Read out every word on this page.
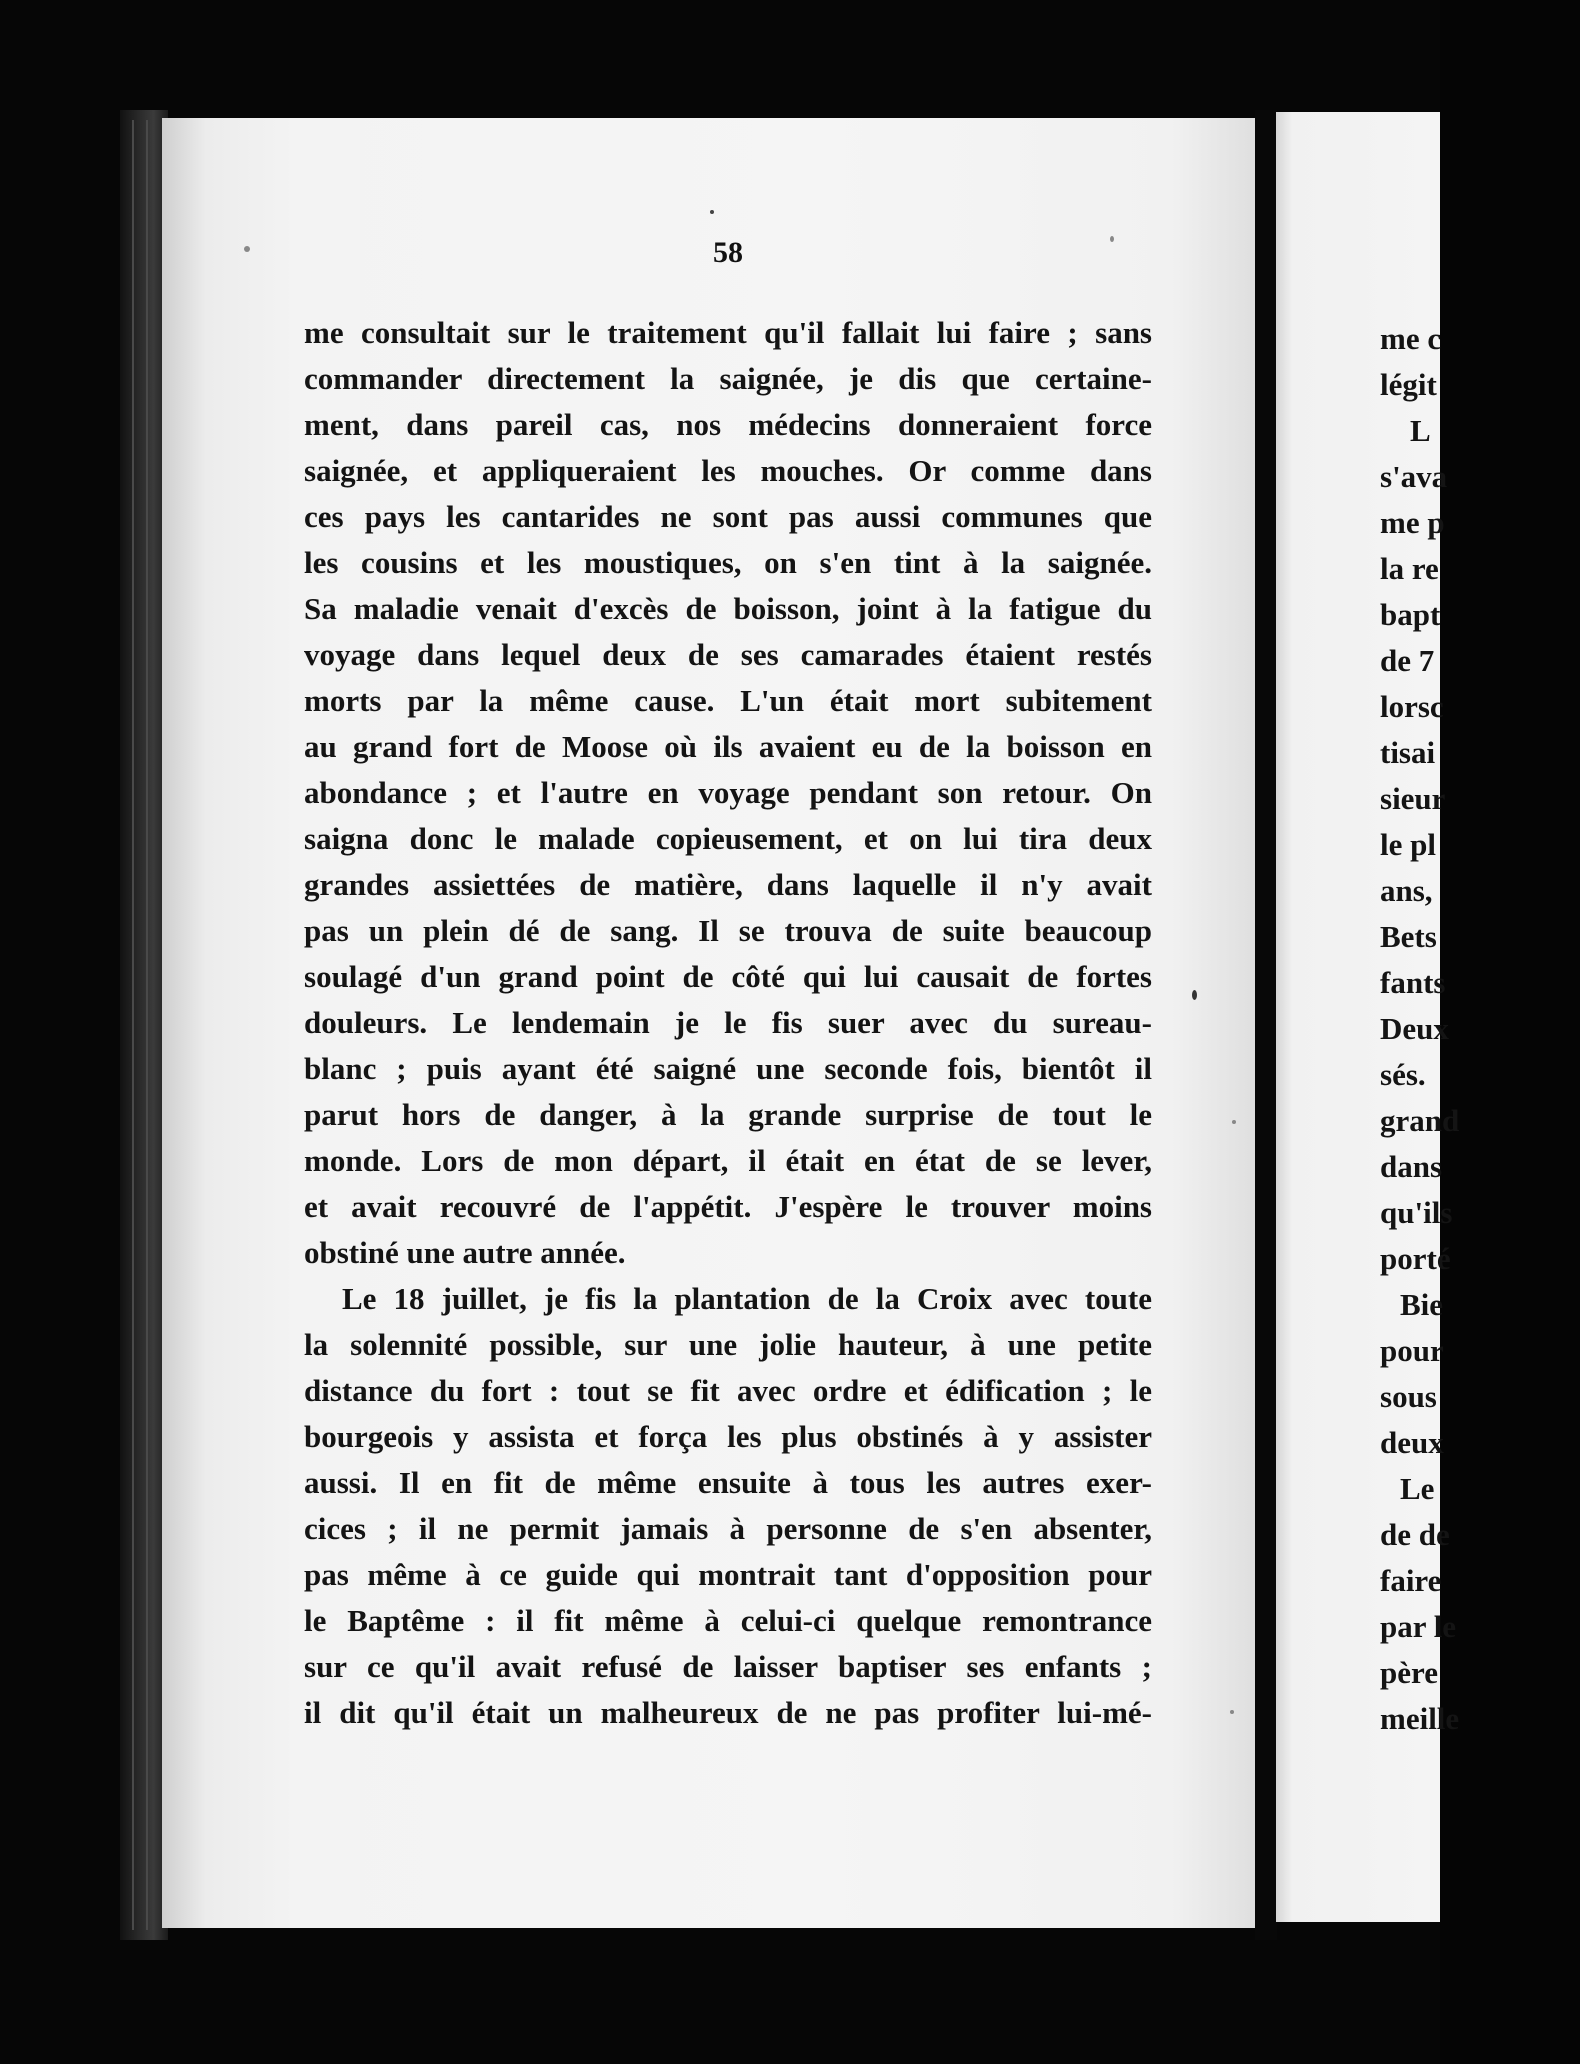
58
me consultait sur le traitement qu'il fallait lui faire ; sans
commander directement la saignée, je dis que certaine-
ment, dans pareil cas, nos médecins donneraient force
saignée, et appliqueraient les mouches. Or comme dans
ces pays les cantarides ne sont pas aussi communes que
les cousins et les moustiques, on s'en tint à la saignée.
Sa maladie venait d'excès de boisson, joint à la fatigue du
voyage dans lequel deux de ses camarades étaient restés
morts par la même cause. L'un était mort subitement
au grand fort de Moose où ils avaient eu de la boisson en
abondance ; et l'autre en voyage pendant son retour. On
saigna donc le malade copieusement, et on lui tira deux
grandes assiettées de matière, dans laquelle il n'y avait
pas un plein dé de sang. Il se trouva de suite beaucoup
soulagé d'un grand point de côté qui lui causait de fortes
douleurs. Le lendemain je le fis suer avec du sureau-
blanc ; puis ayant été saigné une seconde fois, bientôt il
parut hors de danger, à la grande surprise de tout le
monde. Lors de mon départ, il était en état de se lever,
et avait recouvré de l'appétit. J'espère le trouver moins
obstiné une autre année.
Le 18 juillet, je fis la plantation de la Croix avec toute
la solennité possible, sur une jolie hauteur, à une petite
distance du fort : tout se fit avec ordre et édification ; le
bourgeois y assista et força les plus obstinés à y assister
aussi. Il en fit de même ensuite à tous les autres exer-
cices ; il ne permit jamais à personne de s'en absenter,
pas même à ce guide qui montrait tant d'opposition pour
le Baptême : il fit même à celui-ci quelque remontrance
sur ce qu'il avait refusé de laisser baptiser ses enfants ;
il dit qu'il était un malheureux de ne pas profiter lui-mé-
me c
légit
L
s'ava
me p
la re
bapt
de 7
lorsc
tisai
sieur
le pl
ans,
Bets
fants
Deux
sés.
grand
dans
qu'ils
porté
Bie
pour
sous
deux
Le
de de
faire
par le
père
meille
